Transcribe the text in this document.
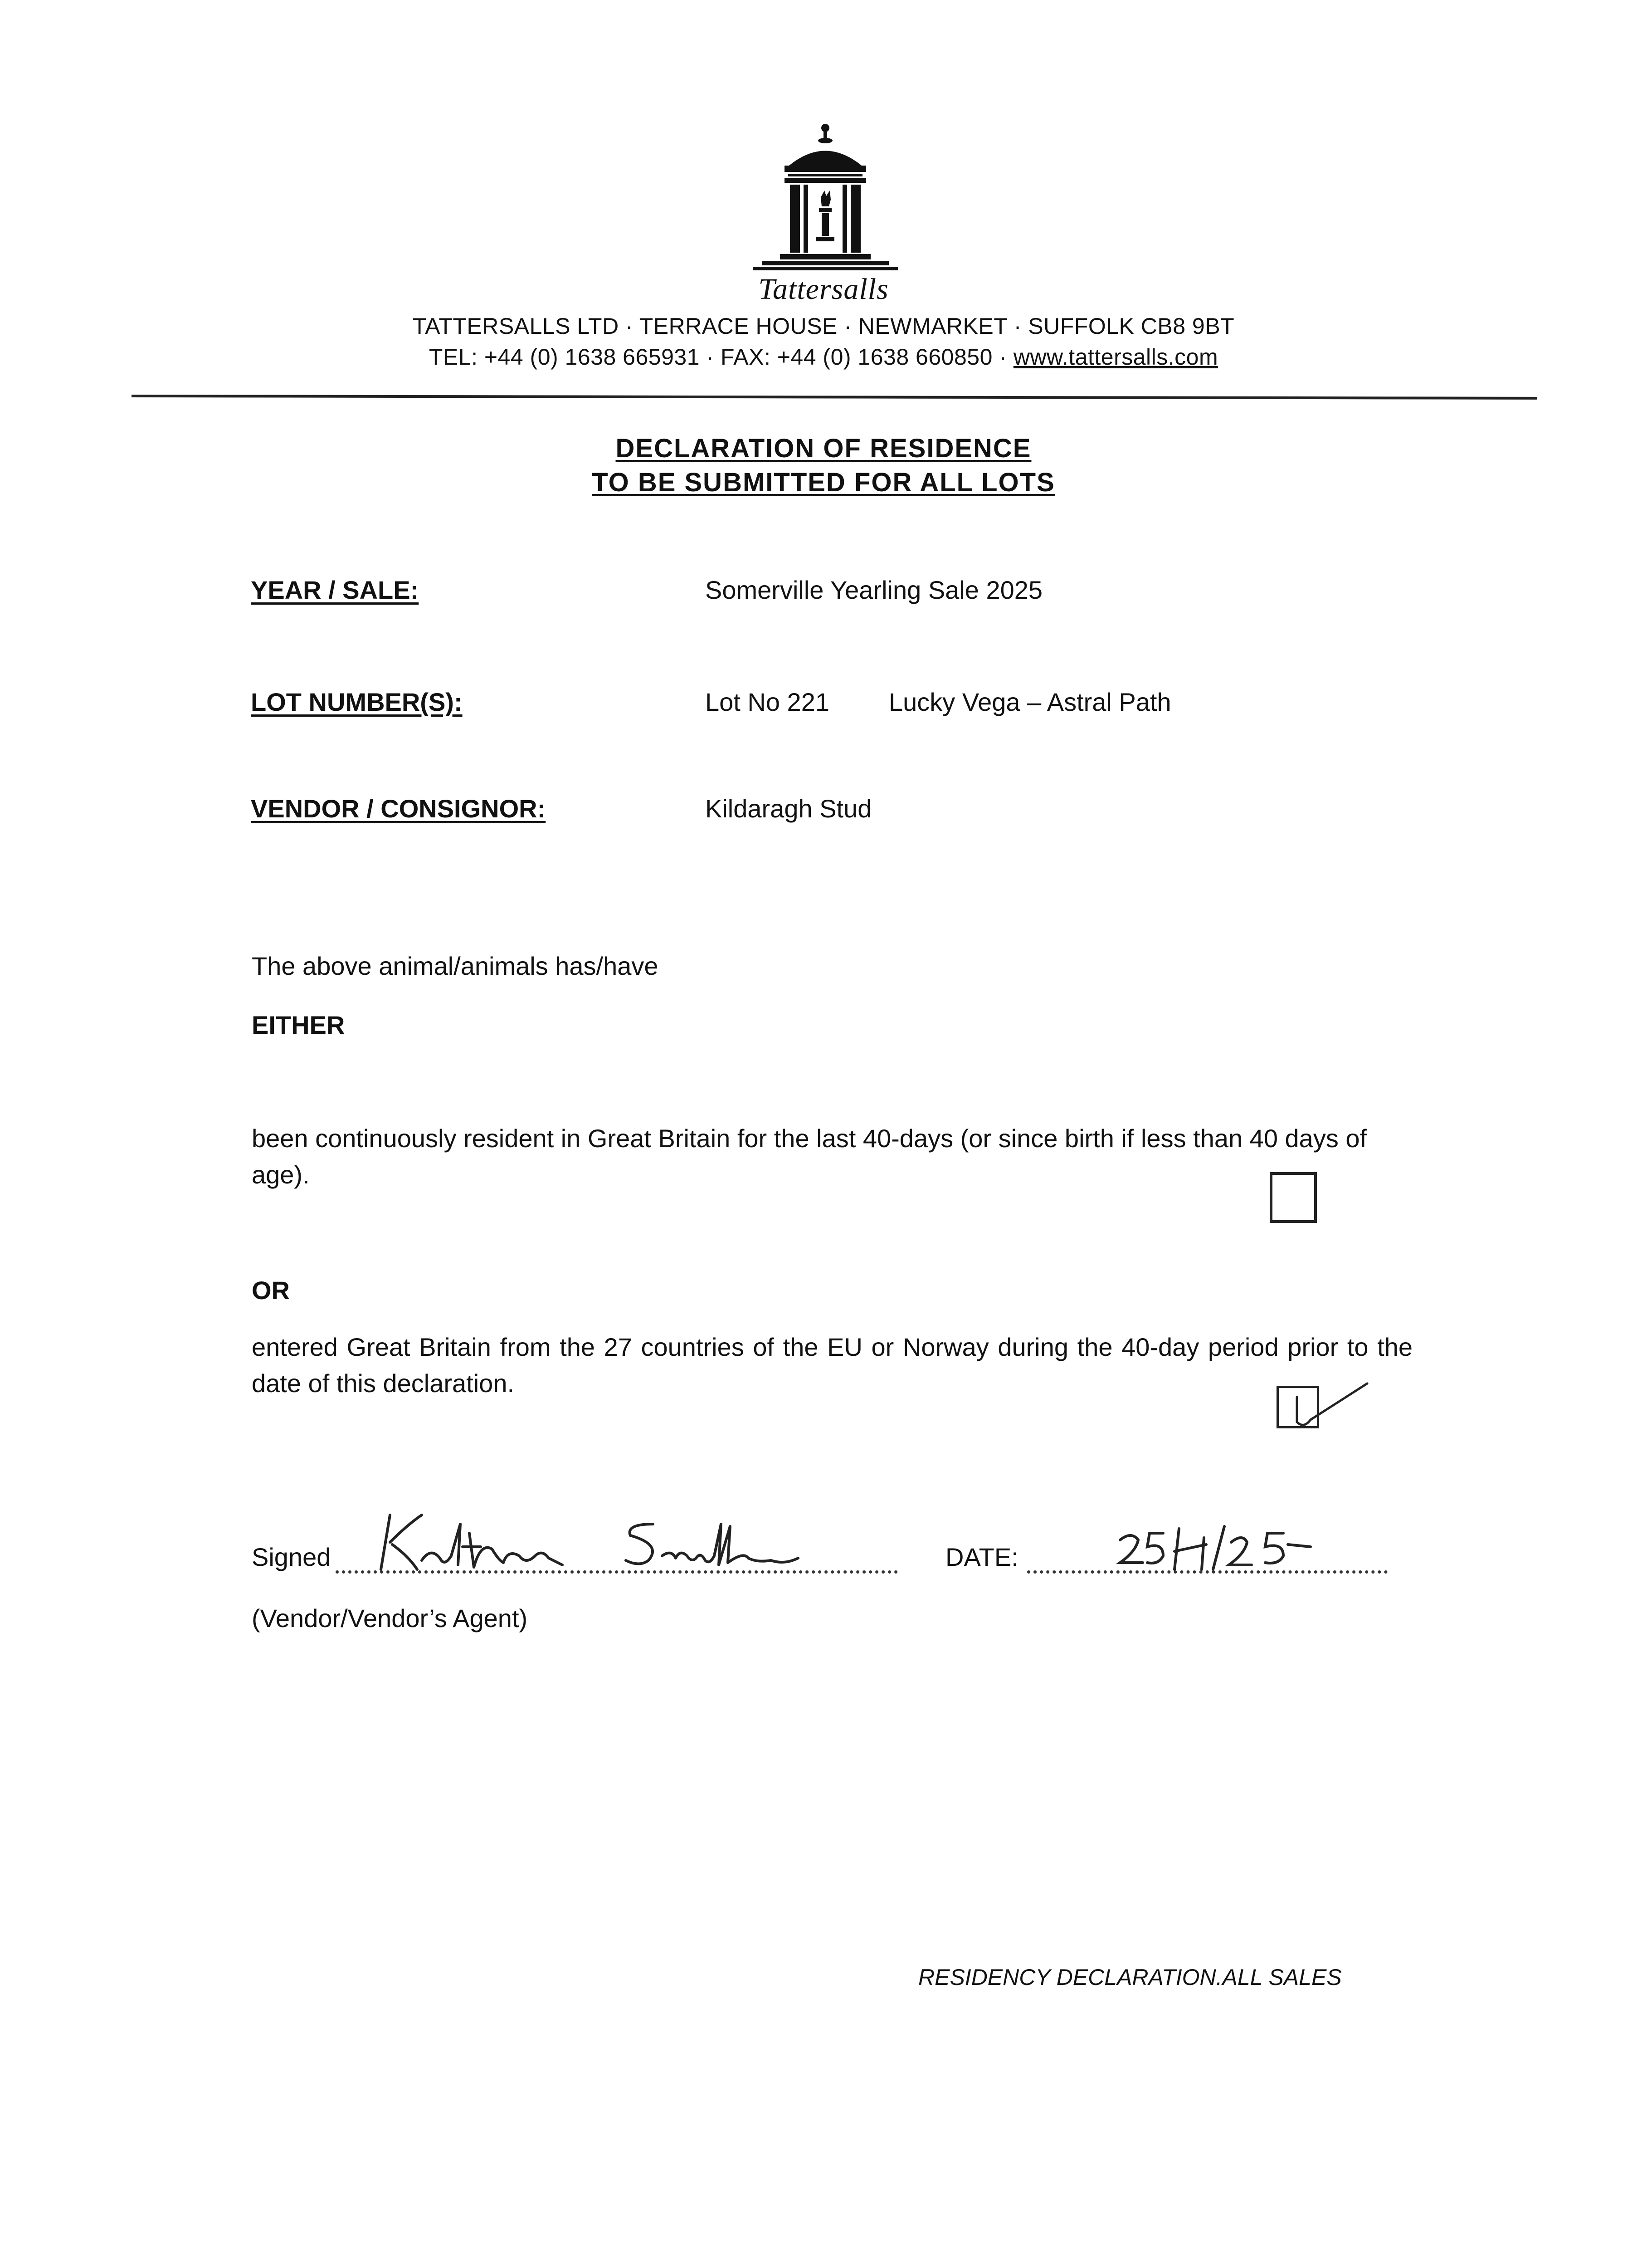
Tattersalls
TATTERSALLS LTD · TERRACE HOUSE · NEWMARKET · SUFFOLK CB8 9BT
TEL: +44 (0) 1638 665931 · FAX: +44 (0) 1638 660850 · www.tattersalls.com
DECLARATION OF RESIDENCE
TO BE SUBMITTED FOR ALL LOTS
YEAR / SALE:	Somerville Yearling Sale 2025
LOT NUMBER(S):	Lot No 221 Lucky Vega – Astral Path
VENDOR / CONSIGNOR:	Kildaragh Stud
The above animal/animals has/have
EITHER
been continuously resident in Great Britain for the last 40-days (or since birth if less than 40 days of age).
OR
entered Great Britain from the 27 countries of the EU or Norway during the 40-day period prior to the date of this declaration.
Signed	DATE:
(Vendor/Vendor’s Agent)
RESIDENCY DECLARATION.ALL SALES
